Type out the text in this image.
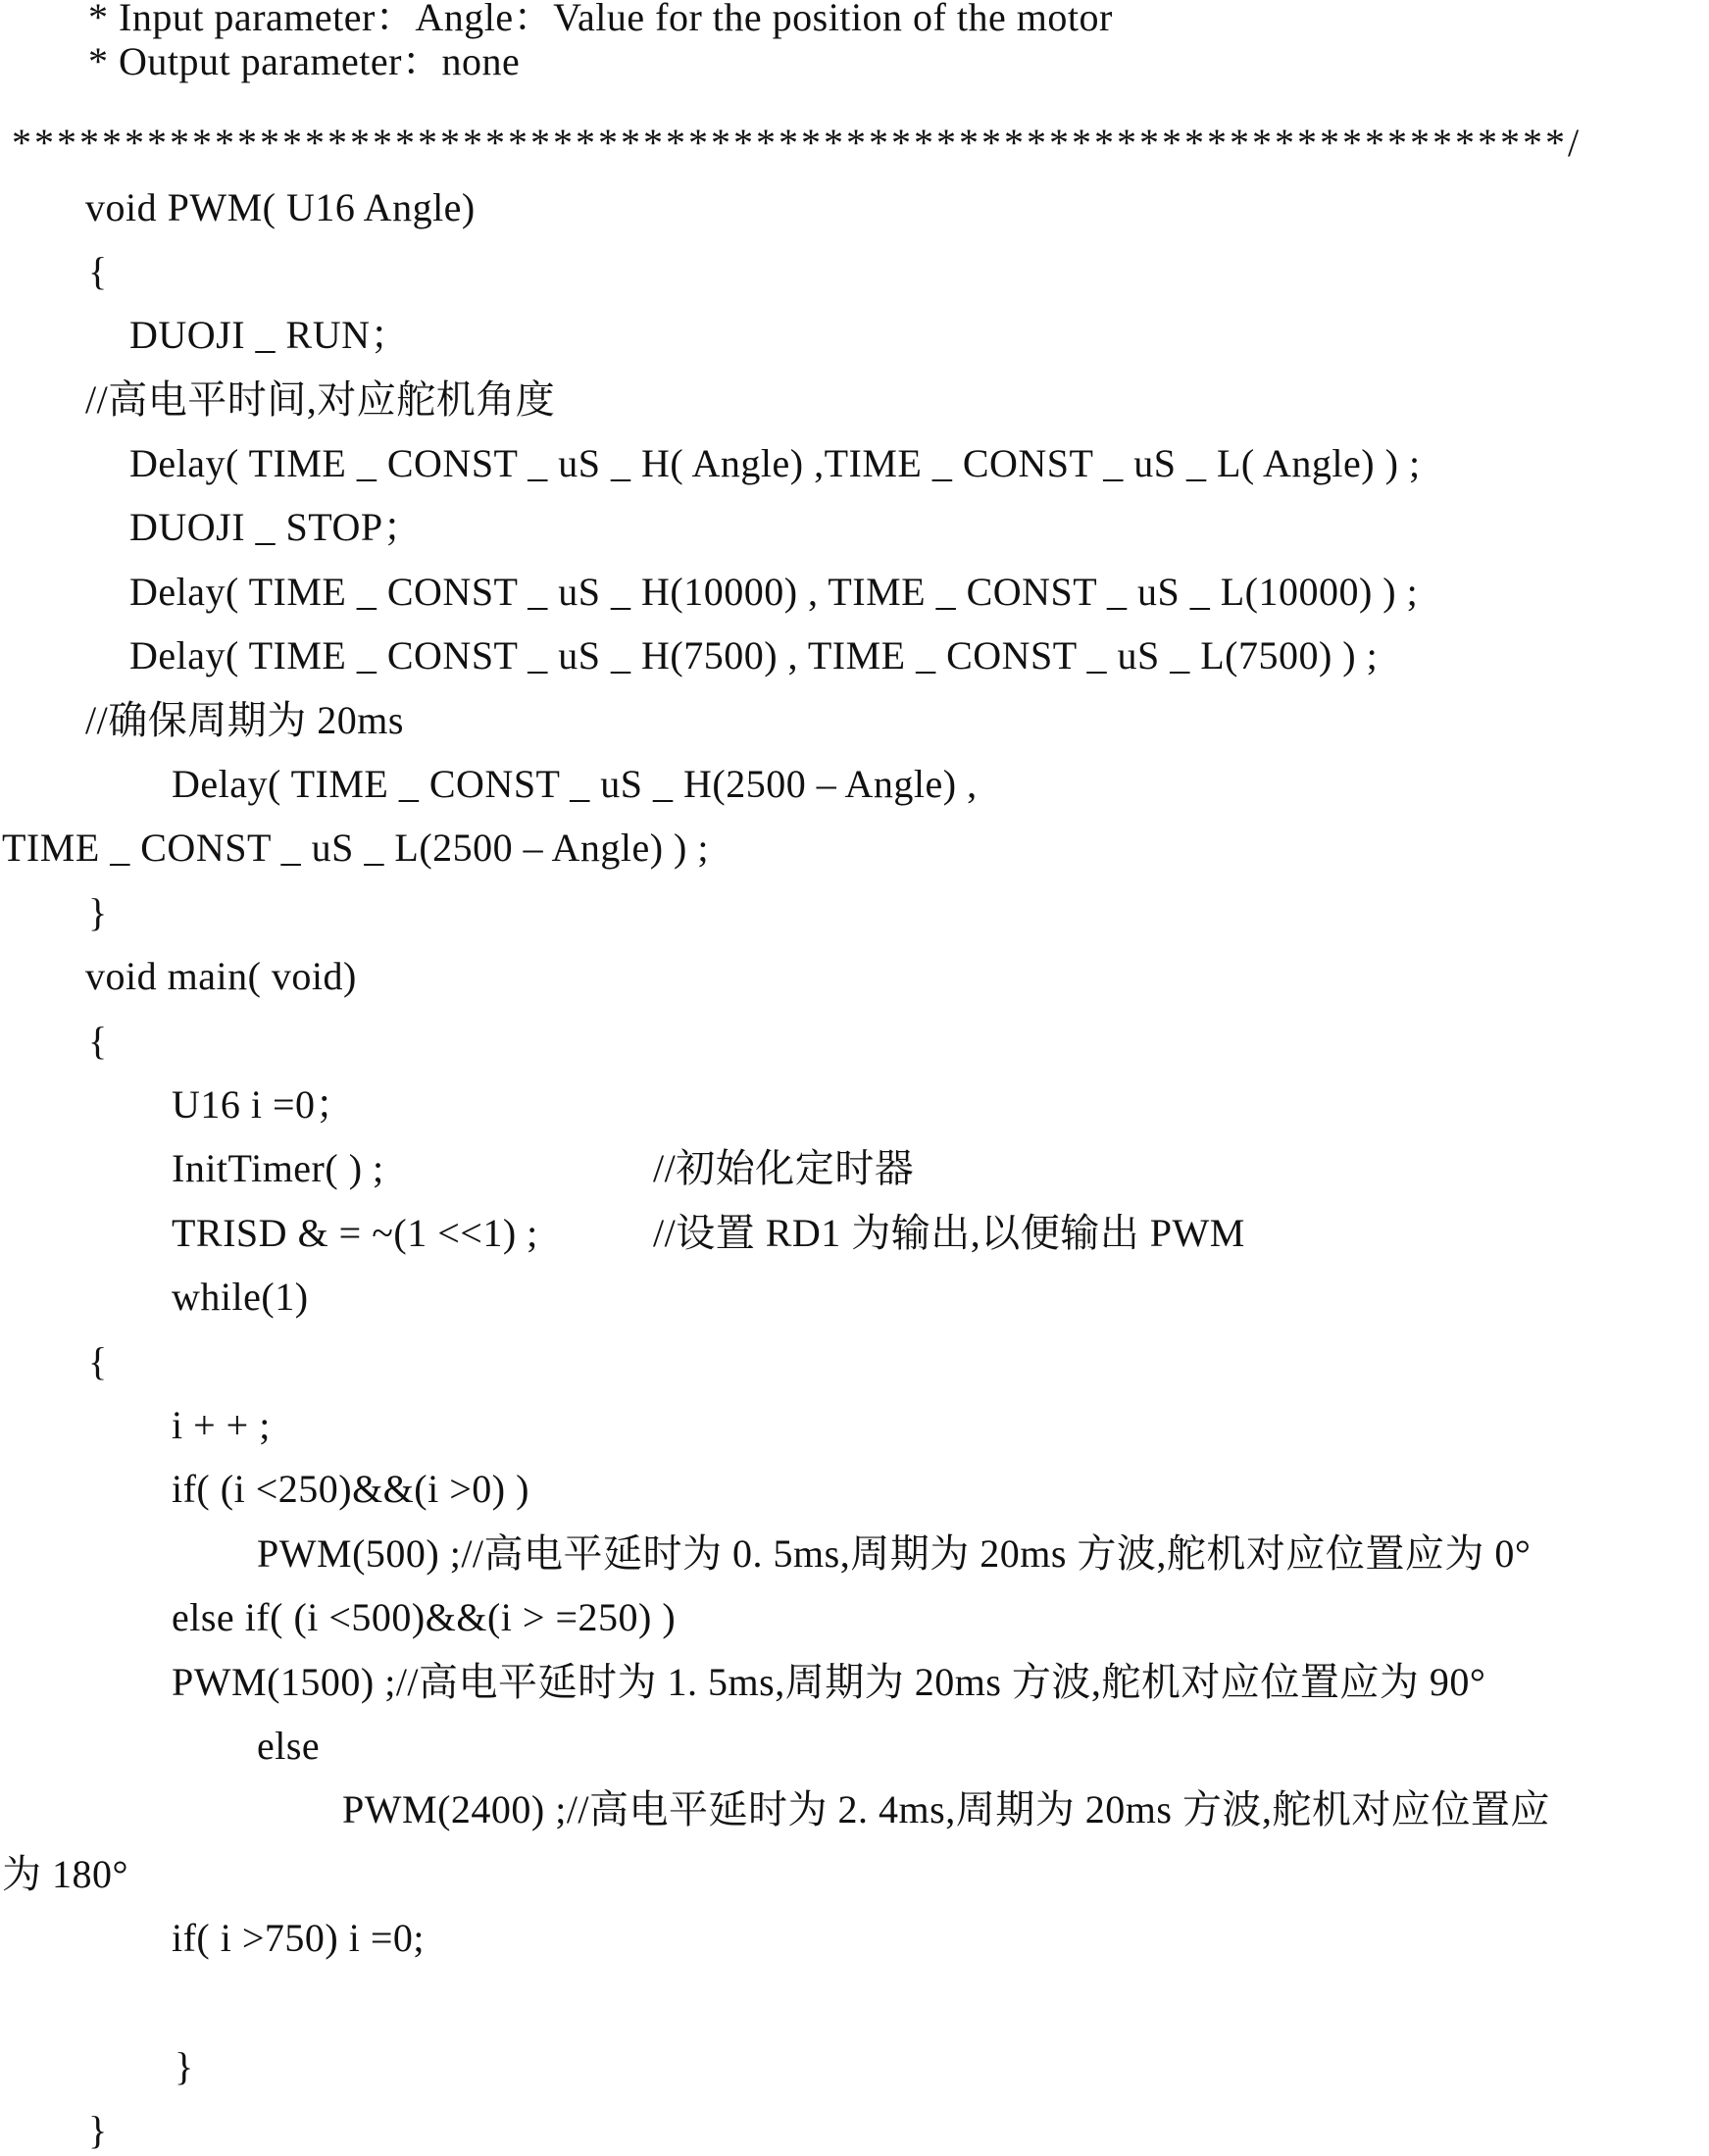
* Input parameter：Angle：Value for the position of the motor
* Output parameter：none
*********************************************************************/
void PWM( U16 Angle)
{
DUOJI _ RUN；
//高电平时间,对应舵机角度
Delay( TIME _ CONST _ uS _ H( Angle) ,TIME _ CONST _ uS _ L( Angle) ) ;
DUOJI _ STOP；
Delay( TIME _ CONST _ uS _ H(10000) , TIME _ CONST _ uS _ L(10000) ) ;
Delay( TIME _ CONST _ uS _ H(7500) , TIME _ CONST _ uS _ L(7500) ) ;
//确保周期为 20ms
Delay( TIME _ CONST _ uS _ H(2500 – Angle) ,
TIME _ CONST _ uS _ L(2500 – Angle) ) ;
}
void main( void)
{
U16 i =0；
InitTimer( ) ;	//初始化定时器
TRISD & = ~(1 <<1) ;	//设置 RD1 为输出,以便输出 PWM
while(1)
{
i + + ;
if( (i <250)&&(i >0) )
PWM(500) ;//高电平延时为 0. 5ms,周期为 20ms 方波,舵机对应位置应为 0°
else if( (i <500)&&(i > =250) )
PWM(1500) ;//高电平延时为 1. 5ms,周期为 20ms 方波,舵机对应位置应为 90°
else
PWM(2400) ;//高电平延时为 2. 4ms,周期为 20ms 方波,舵机对应位置应
为 180°
if( i >750) i =0;
}
}
